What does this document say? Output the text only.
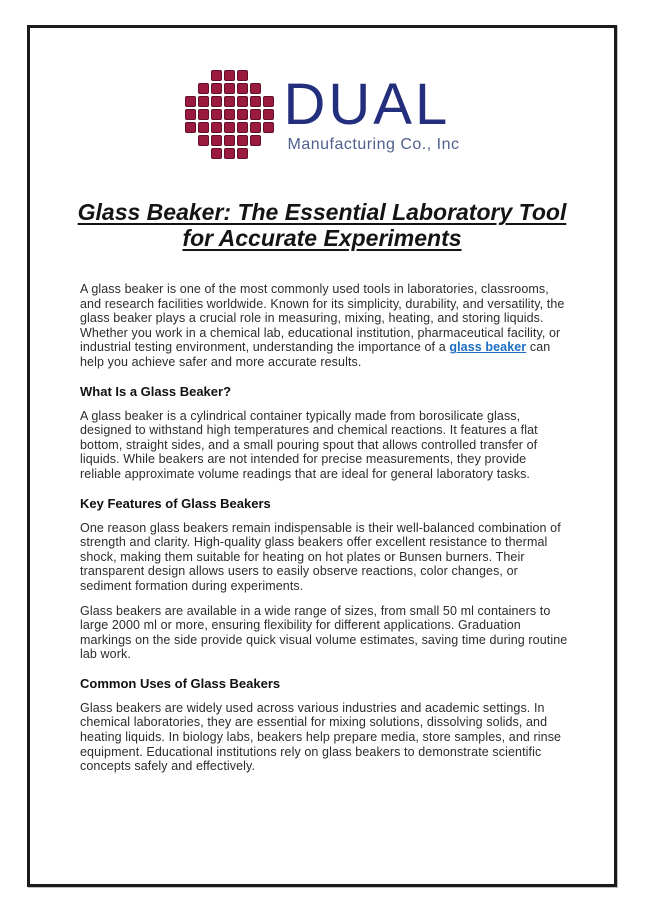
DUAL
Manufacturing Co., Inc
Glass Beaker: The Essential Laboratory Tool
for Accurate Experiments

A glass beaker is one of the most commonly used tools in laboratories, classrooms, and research facilities worldwide. Known for its simplicity, durability, and versatility, the glass beaker plays a crucial role in measuring, mixing, heating, and storing liquids. Whether you work in a chemical lab, educational institution, pharmaceutical facility, or industrial testing environment, understanding the importance of a glass beaker can help you achieve safer and more accurate results.

What Is a Glass Beaker?

A glass beaker is a cylindrical container typically made from borosilicate glass, designed to withstand high temperatures and chemical reactions. It features a flat bottom, straight sides, and a small pouring spout that allows controlled transfer of liquids. While beakers are not intended for precise measurements, they provide reliable approximate volume readings that are ideal for general laboratory tasks.

Key Features of Glass Beakers

One reason glass beakers remain indispensable is their well-balanced combination of strength and clarity. High-quality glass beakers offer excellent resistance to thermal shock, making them suitable for heating on hot plates or Bunsen burners. Their transparent design allows users to easily observe reactions, color changes, or sediment formation during experiments.

Glass beakers are available in a wide range of sizes, from small 50 ml containers to large 2000 ml or more, ensuring flexibility for different applications. Graduation markings on the side provide quick visual volume estimates, saving time during routine lab work.

Common Uses of Glass Beakers

Glass beakers are widely used across various industries and academic settings. In chemical laboratories, they are essential for mixing solutions, dissolving solids, and heating liquids. In biology labs, beakers help prepare media, store samples, and rinse equipment. Educational institutions rely on glass beakers to demonstrate scientific concepts safely and effectively.
